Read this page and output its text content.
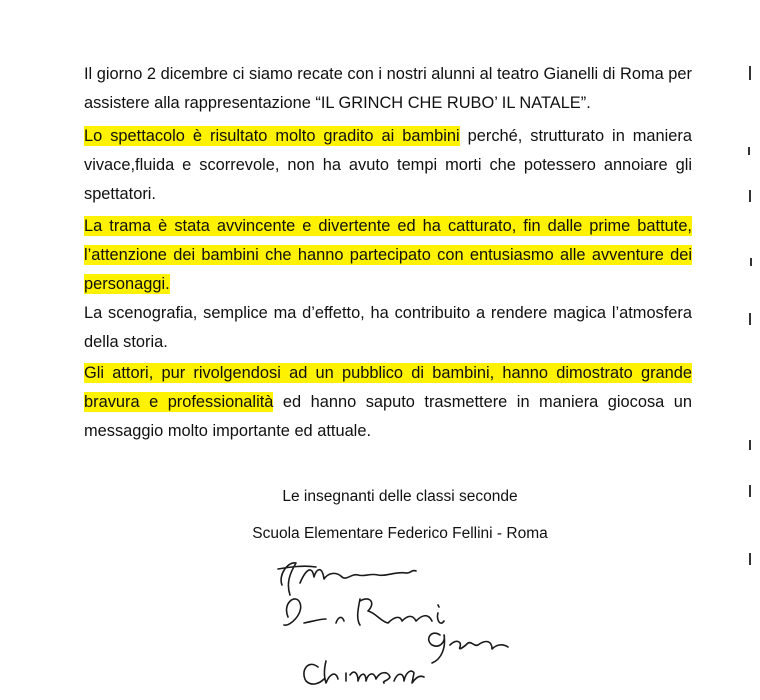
Il giorno 2 dicembre ci siamo recate con i nostri alunni al teatro Gianelli di Roma per assistere alla rappresentazione “IL GRINCH CHE RUBO’ IL NATALE”.

Lo spettacolo è risultato molto gradito ai bambini perché, strutturato in maniera vivace,fluida e scorrevole, non ha avuto tempi morti che potessero annoiare gli spettatori.

La trama è stata avvincente e divertente ed ha catturato, fin dalle prime battute, l’attenzione dei bambini che hanno partecipato con entusiasmo alle avventure dei personaggi.

La scenografia, semplice ma d’effetto, ha contribuito a rendere magica l’atmosfera della storia.

Gli attori, pur rivolgendosi ad un pubblico di bambini, hanno dimostrato grande bravura e professionalità ed hanno saputo trasmettere in maniera giocosa un messaggio molto importante ed attuale.

Le insegnanti delle classi seconde
Scuola Elementare Federico Fellini - Roma
